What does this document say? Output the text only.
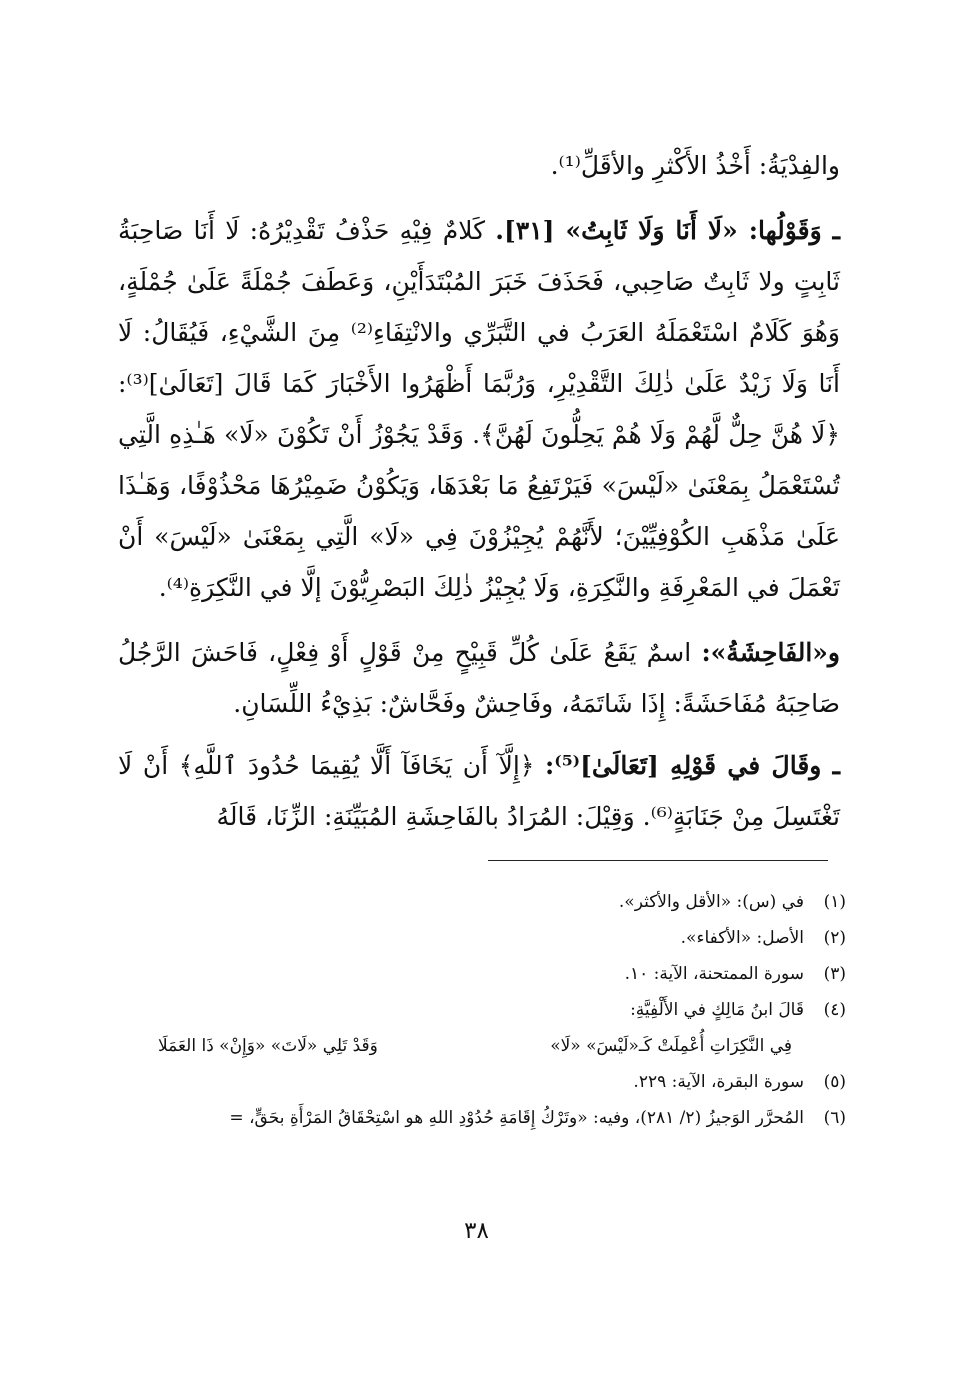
والفِدْيَةُ: أَخْذُ الأَكْثرِ والأقَلِّ⁽¹⁾.

ـ وَقَوْلُها: «لَا أَنَا وَلَا ثَابِتُ» [٣١]. كَلامٌ فِيْهِ حَذْفُ تَقْدِيْرُهُ: لَا أَنَا صَاحِبَةُ ثَابِتٍ ولا ثَابِتٌ صَاحِبي، فَحَذَفَ خَبَرَ المُبْتَدَأَيْنِ، وَعَطَفَ جُمْلَةً عَلَىٰ جُمْلَةٍ، وَهُوَ كَلَامٌ اسْتَعْمَلَهُ العَرَبُ في التَّبَرِّي والانْتِفَاءِ⁽²⁾ مِنَ الشَّيْءِ، فَيُقَالُ: لَا أَنَا وَلَا زَيْدٌ عَلَىٰ ذٰلِكَ التَّقْدِيْرِ، وَرُبَّمَا أَظْهَرُوا الأَخْبَارَ كَمَا قَالَ [تَعَالَىٰ]⁽³⁾: ﴿لَا هُنَّ حِلٌّ لَّهُمْ وَلَا هُمْ يَحِلُّونَ لَهُنَّ﴾. وَقَدْ يَجُوْزُ أَنْ تَكُوْنَ «لَا» هَـٰذِهِ الَّتِي تُسْتَعْمَلُ بِمَعْنَىٰ «لَيْسَ» فَيَرْتَفِعُ مَا بَعْدَهَا، وَيَكُوْنُ ضَمِيْرُهَا مَحْذُوْفًا، وَهَـٰذَا عَلَىٰ مَذْهَبِ الكُوْفِيِّيْنَ؛ لأَنَّهُمْ يُجِيْزُوْنَ فِي «لَا» الَّتِي بِمَعْنَىٰ «لَيْسَ» أَنْ تَعْمَلَ في المَعْرِفَةِ والنَّكِرَةِ، وَلَا يُجِيْزُ ذٰلِكَ البَصْرِيُّوْنَ إلَّا في النَّكِرَةِ⁽⁴⁾.

و«الفَاحِشَةُ»: اسمٌ يَقَعُ عَلَىٰ كُلِّ قَبِيْحٍ مِنْ قَوْلٍ أَوْ فِعْلٍ، فَاحَشَ الرَّجُلُ صَاحِبَهُ مُفَاحَشَةً: إِذَا شَاتَمَهُ، وفَاحِشٌ وفَحَّاشٌ: بَذِيْءُ اللِّسَانِ.

ـ وقَالَ في قَوْلِهِ [تَعَالَىٰ]⁽⁵⁾: ﴿إِلَّآ أَن يَخَافَآ أَلَّا يُقِيمَا حُدُودَ ٱللَّهِ﴾ أَنْ لَا تَغْتَسِلَ مِنْ جَنَابَةٍ⁽⁶⁾. وَقِيْلَ: المُرَادُ بالفَاحِشَةِ المُبَيِّنَةِ: الزِّنَا، قَالَهُ

(١)
في (س): «الأقل والأكثر».
(٢)
الأصل: «الأكفاء».
(٣)
سورة الممتحنة، الآية: ١٠.
(٤)
قَالَ ابنُ مَالِكٍ في الأَلْفِيَّةِ:
فِي النَّكِرَاتِ أُعْمِلَتْ كَـ«لَيْسَ» «لَا»
وَقَدْ تَلِي «لَاتَ» «وَإِنْ» ذَا العَمَلَا
(٥)
سورة البقرة، الآية: ٢٢٩.
(٦)
المُحرَّر الوَجيزُ (٢/ ٢٨١)، وفيه: «وتَرْكُ إِقَامَةِ حُدُوْدِ اللهِ هو اسْتِحْقَاقُ المَرْأَةِ بحَقٍّ، =
٣٨
